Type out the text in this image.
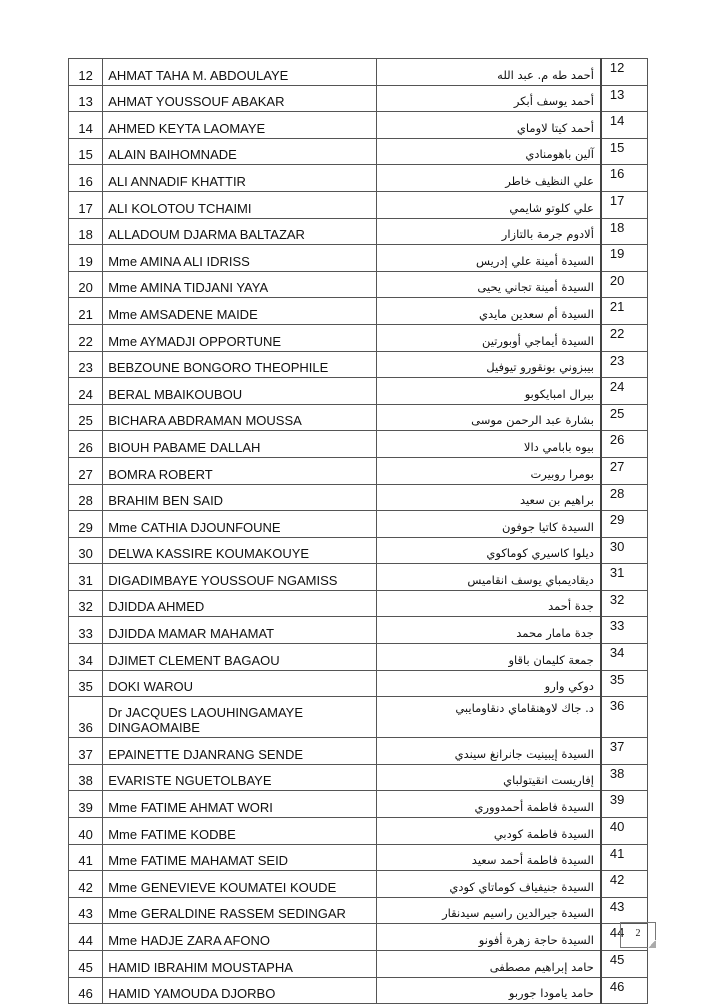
12	AHMAT TAHA M. ABDOULAYE	أحمد طه م. عبد الله	12
13	AHMAT YOUSSOUF ABAKAR	أحمد يوسف أبكر	13
14	AHMED KEYTA LAOMAYE	أحمد كيتا لاوماي	14
15	ALAIN BAIHOMNADE	آلين باهومنادي	15
16	ALI ANNADIF KHATTIR	علي النظيف خاطر	16
17	ALI KOLOTOU TCHAIMI	علي كلوتو شايمي	17
18	ALLADOUM DJARMA BALTAZAR	ألادوم جرمة بالتازار	18
19	Mme AMINA ALI IDRISS	السيدة أمينة علي إدريس	19
20	Mme AMINA TIDJANI YAYA	السيدة أمينة تجاني يحيى	20
21	Mme AMSADENE MAIDE	السيدة أم سعدين مايدي	21
22	Mme AYMADJI OPPORTUNE	السيدة أيماجي أوبورتين	22
23	BEBZOUNE BONGORO THEOPHILE	بيبزوني بونقورو تيوفيل	23
24	BERAL MBAIKOUBOU	بيرال امبايكوبو	24
25	BICHARA ABDRAMAN MOUSSA	بشارة عبد الرحمن موسى	25
26	BIOUH PABAME DALLAH	بيوه بابامي دالا	26
27	BOMRA ROBERT	بومرا روبيرت	27
28	BRAHIM BEN SAID	براهيم بن سعيد	28
29	Mme CATHIA DJOUNFOUNE	السيدة كاتيا جوفون	29
30	DELWA KASSIRE KOUMAKOUYE	ديلوا كاسيري كوماكوي	30
31	DIGADIMBAYE YOUSSOUF NGAMISS	ديقاديمباي يوسف انقاميس	31
32	DJIDDA AHMED	جدة أحمد	32
33	DJIDDA MAMAR MAHAMAT	جدة مامار محمد	33
34	DJIMET CLEMENT BAGAOU	جمعة كليمان باقاو	34
35	DOKI WAROU	دوكي وارو	35
36	Dr JACQUES LAOUHINGAMAYE DINGAOMAIBE	د. جاك لاوهنقاماي دنقاومايبي	36
37	EPAINETTE DJANRANG SENDE	السيدة إيبينيت جانرانغ سيندي	37
38	EVARISTE NGUETOLBAYE	إفاريست انقيتولباي	38
39	Mme FATIME AHMAT WORI	السيدة فاطمة أحمدووري	39
40	Mme FATIME KODBE	السيدة فاطمة كودبي	40
41	Mme FATIME MAHAMAT SEID	السيدة فاطمة أحمد سعيد	41
42	Mme GENEVIEVE KOUMATEI KOUDE	السيدة جنيفياف كوماتاي كودي	42
43	Mme GERALDINE RASSEM SEDINGAR	السيدة جيرالدين راسيم سيدنقار	43
44	Mme HADJE ZARA AFONO	السيدة حاجة زهرة أفونو	44
45	HAMID IBRAHIM MOUSTAPHA	حامد إبراهيم مصطفى	45
46	HAMID YAMOUDA DJORBO	حامد يامودا جوربو	46
2
